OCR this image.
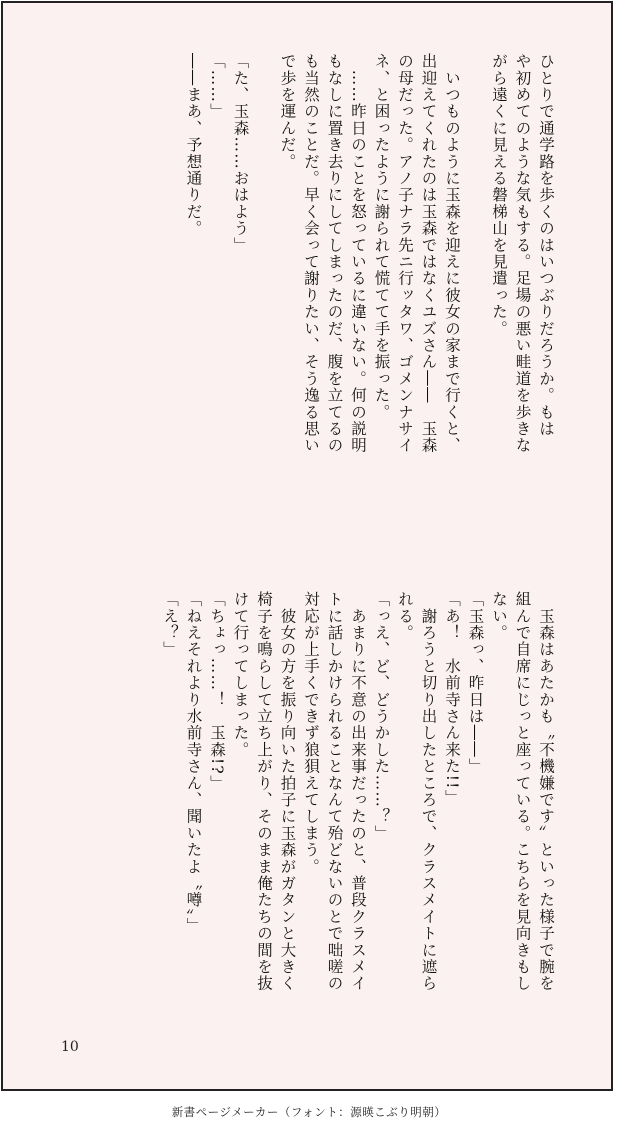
ひとりで通学路を歩くのはいつぶりだろうか。もは

や初めてのような気もする。足場の悪い畦道を歩きな

がら遠くに見える磐梯山を見遣った。

　いつものように玉森を迎えに彼女の家まで行くと、

出迎えてくれたのは玉森ではなくユズさん――　玉森

の母だった。アノ子ナラ先ニ行ッタワ、ゴメンナサイ

ネ、と困ったように謝られて慌てて手を振った。

　……昨日のことを怒っているに違いない。何の説明

もなしに置き去りにしてしまったのだ、腹を立てるの

も当然のことだ。早く会って謝りたい、そう逸る思い

で歩を運んだ。

「た、玉森……おはよう」

「……」

――まあ、予想通りだ。

　玉森はあたかも〝不機嫌です〟といった様子で腕を

組んで自席にじっと座っている。こちらを見向きもし

ない。

「玉森っ、昨日は――」

「あ！　水前寺さん来た!!」

　謝ろうと切り出したところで、クラスメイトに遮ら

れる。

「っえ、ど、どうかした……？」

　あまりに不意の出来事だったのと、普段クラスメイ

トに話しかけられることなんて殆どないのとで咄嗟の

対応が上手くできず狼狽えてしまう。

　彼女の方を振り向いた拍子に玉森がガタンと大きく

椅子を鳴らして立ち上がり、そのまま俺たちの間を抜

けて行ってしまった。

「ちょっ……！　玉森!?」

「ねえそれより水前寺さん、聞いたよ〝噂〟」

「え？」

10
新書ページメーカー（フォント：源暎こぶり明朝）
